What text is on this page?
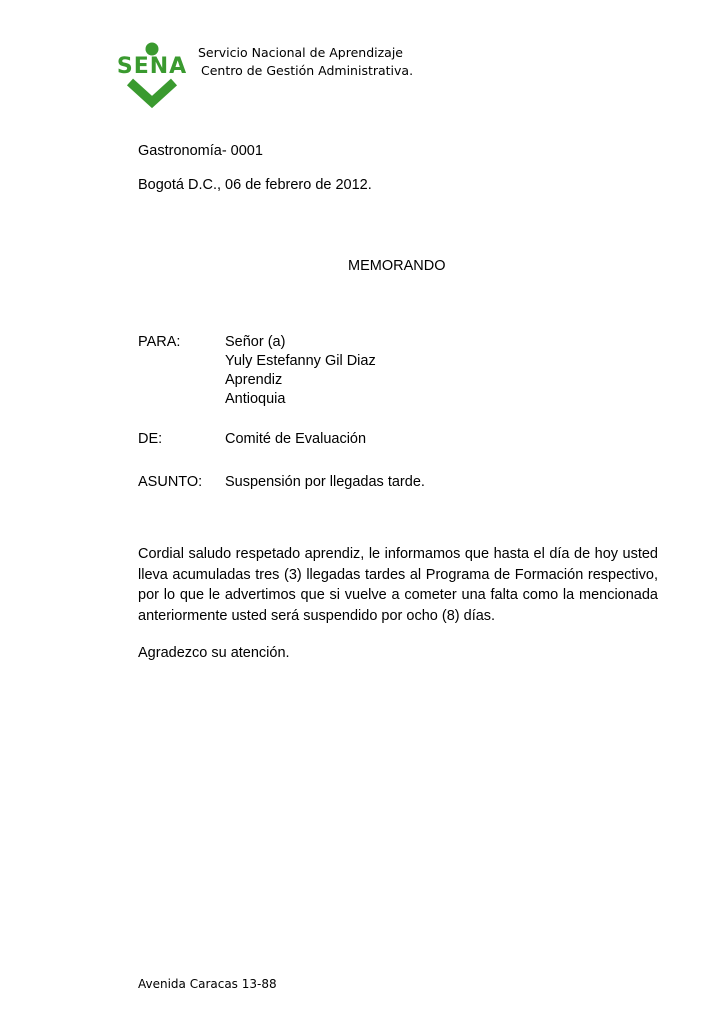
SENA
Servicio Nacional de Aprendizaje
Centro de Gestión Administrativa.
Gastronomía- 0001
Bogotá D.C., 06 de febrero de 2012.
MEMORANDO
PARA:	Señor (a)
Yuly Estefanny Gil Diaz
Aprendiz
Antioquia
DE:	Comité de Evaluación
ASUNTO: Suspensión por llegadas tarde.
Cordial saludo respetado aprendiz, le informamos que hasta el día de hoy usted lleva acumuladas tres (3) llegadas tardes al Programa de Formación respectivo, por lo que le advertimos que si vuelve a cometer una falta como la mencionada anteriormente usted será suspendido por ocho (8) días.
Agradezco su atención.
Avenida Caracas 13-88
